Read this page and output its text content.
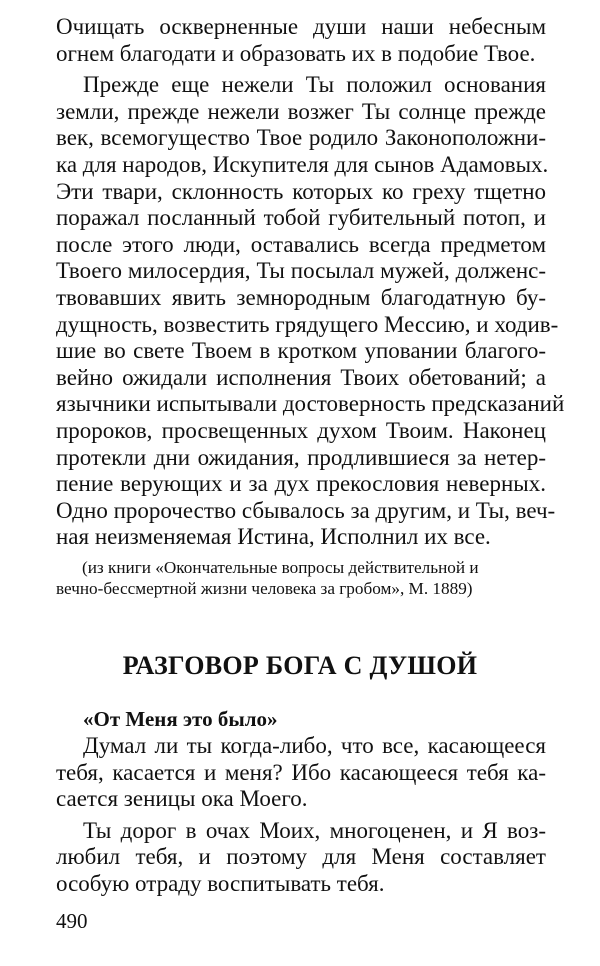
Очищать оскверненные души наши небесным
огнем благодати и образовать их в подобие Твое.
Прежде еще нежели Ты положил основания
земли, прежде нежели возжег Ты солнце прежде
век, всемогущество Твое родило Законоположни-
ка для народов, Искупителя для сынов Адамовых.
Эти твари, склонность которых ко греху тщетно
поражал посланный тобой губительный потоп, и
после этого люди, оставались всегда предметом
Твоего милосердия, Ты посылал мужей, долженс-
твовавших явить земнородным благодатную бу-
дущность, возвестить грядущего Мессию, и ходив-
шие во свете Твоем в кротком уповании благого-
вейно ожидали исполнения Твоих обетований; а
язычники испытывали достоверность предсказаний
пророков, просвещенных духом Твоим. Наконец
протекли дни ожидания, продлившиеся за нетер-
пение верующих и за дух прекословия неверных.
Одно пророчество сбывалось за другим, и Ты, веч-
ная неизменяемая Истина, Исполнил их все.
(из книги «Окончательные вопросы действительной и
вечно-бессмертной жизни человека за гробом», М. 1889)
РАЗГОВОР БОГА С ДУШОЙ
«От Меня это было»
Думал ли ты когда-либо, что все, касающееся
тебя, касается и меня? Ибо касающееся тебя ка-
сается зеницы ока Моего.
Ты дорог в очах Моих, многоценен, и Я воз-
любил тебя, и поэтому для Меня составляет
особую отраду воспитывать тебя.
490
